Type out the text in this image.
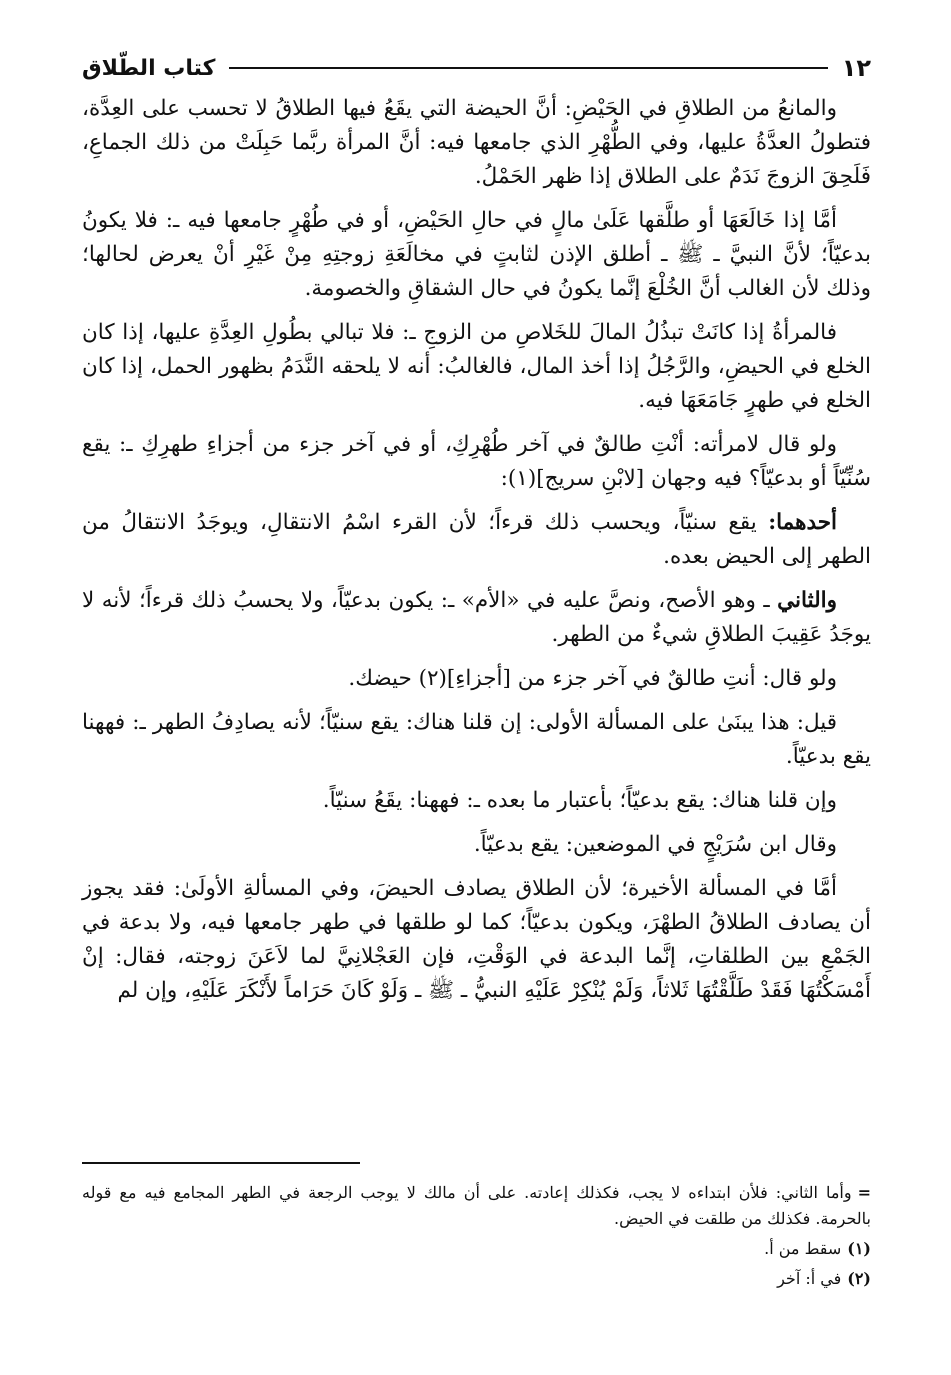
١٢
كتاب الطّلاق

والمانعُ من الطلاقِ في الحَيْضِ: أنَّ الحيضة التي يقَعُ فيها الطلاقُ لا تحسب على العِدَّة، فتطولُ العدَّةُ عليها، وفي الطُّهْرِ الذي جامعها فيه: أنَّ المرأة ربَّما حَبِلَتْ من ذلك الجماعِ، فَلَحِقَ الزوجَ نَدَمٌ على الطلاق إذا ظهر الحَمْلُ.

أمَّا إذا خَالَعَهَا أو طلَّقها عَلَىٰ مالٍ في حالِ الحَيْضِ، أو في طُهْرٍ جامعها فيه ـ: فلا يكونُ بدعيّاً؛ لأنَّ النبيَّ ـ ﷺ ـ أطلق الإذن لثابتٍ في مخالَعَةِ زوجتِهِ مِنْ غَيْرِ أنْ يعرض لحالها؛ وذلك لأن الغالب أنَّ الخُلْعَ إنَّما يكونُ في حال الشقاقِ والخصومة.

فالمرأةُ إذا كانَتْ تبذُلُ المالَ للخَلاصِ من الزوجِ ـ: فلا تبالي بطُولِ العِدَّةِ عليها، إذا كان الخلع في الحيضِ، والرَّجُلُ إذا أخذ المال، فالغالبُ: أنه لا يلحقه النَّدَمُ بظهور الحمل، إذا كان الخلع في طهرٍ جَامَعَهَا فيه.

ولو قال لامرأته: أنْتِ طالقٌ في آخر طُهْرِكِ، أو في آخر جزء من أجزاءِ طهرِكِ ـ: يقع سُنِّيّاً أو بدعيّاً؟ فيه وجهان [لابْنِ سريج](١):

أحدهما: يقع سنيّاً، ويحسب ذلك قرءاً؛ لأن القرء اسْمُ الانتقالِ، ويوجَدُ الانتقالُ من الطهر إلى الحيض بعده.

والثاني ـ وهو الأصح، ونصَّ عليه في «الأم» ـ: يكون بدعيّاً، ولا يحسبُ ذلك قرءاً؛ لأنه لا يوجَدُ عَقِيبَ الطلاقِ شيءٌ من الطهر.

ولو قال: أنتِ طالقٌ في آخر جزء من [أجزاءِ](٢) حيضك.

قيل: هذا يبنَىٰ على المسألة الأولى: إن قلنا هناك: يقع سنيّاً؛ لأنه يصادِفُ الطهر ـ: فههنا يقع بدعيّاً.

وإن قلنا هناك: يقع بدعيّاً؛ بأعتبار ما بعده ـ: فههنا: يقَعُ سنيّاً.

وقال ابن سُرَيْجٍ في الموضعين: يقع بدعيّاً.

أمَّا في المسألة الأخيرة؛ لأن الطلاق يصادف الحيضَ، وفي المسألةِ الأولَىٰ: فقد يجوز أن يصادف الطلاقُ الطهْرَ، ويكون بدعيّاً؛ كما لو طلقها في طهر جامعها فيه، ولا بدعة في الجَمْعِ بين الطلقاتِ، إنَّما البدعة في الوَقْتِ، فإن العَجْلانِيَّ لما لاَعَنَ زوجته، فقال: إنْ أَمْسَكْتُهَا فَقَدْ طَلَّقْتُهَا ثَلاثاً، وَلَمْ يُنْكِرْ عَلَيْهِ النبيُّ ـ ﷺ ـ وَلَوْ كَانَ حَرَاماً لأَنْكَرَ عَلَيْهِ، وإن لم

=وأما الثاني: فلأن ابتداءه لا يجب، فكذلك إعادته. على أن مالك لا يوجب الرجعة في الطهر المجامع فيه مع قوله بالحرمة. فكذلك من طلقت في الحيض.

(١)سقط من أ.

(٢)في أ: آخر
